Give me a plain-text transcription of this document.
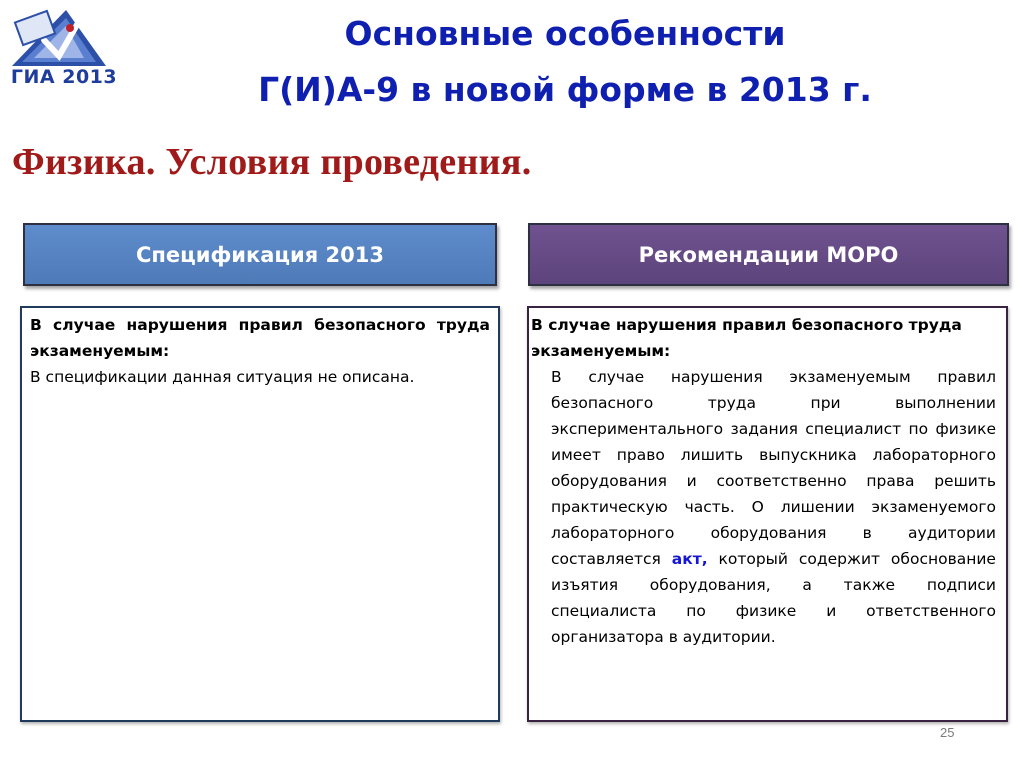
ГИА 2013
Основные особенности
Г(И)А-9 в новой форме в 2013 г.
Физика. Условия проведения.
Спецификация 2013	Рекомендации МОРО
В случае нарушения правил безопасного труда экзаменуемым:
В спецификации данная ситуация не описана.
В случае нарушения правил безопасного труда экзаменуемым:
В случае нарушения экзаменуемым правил безопасного труда при выполнении экспериментального задания специалист по физике имеет право лишить выпускника лабораторного оборудования и соответственно права решить практическую часть. О лишении экзаменуемого лабораторного оборудования в аудитории составляется акт, который содержит обоснование изъятия оборудования, а также подписи специалиста по физике и ответственного организатора в аудитории.
25
